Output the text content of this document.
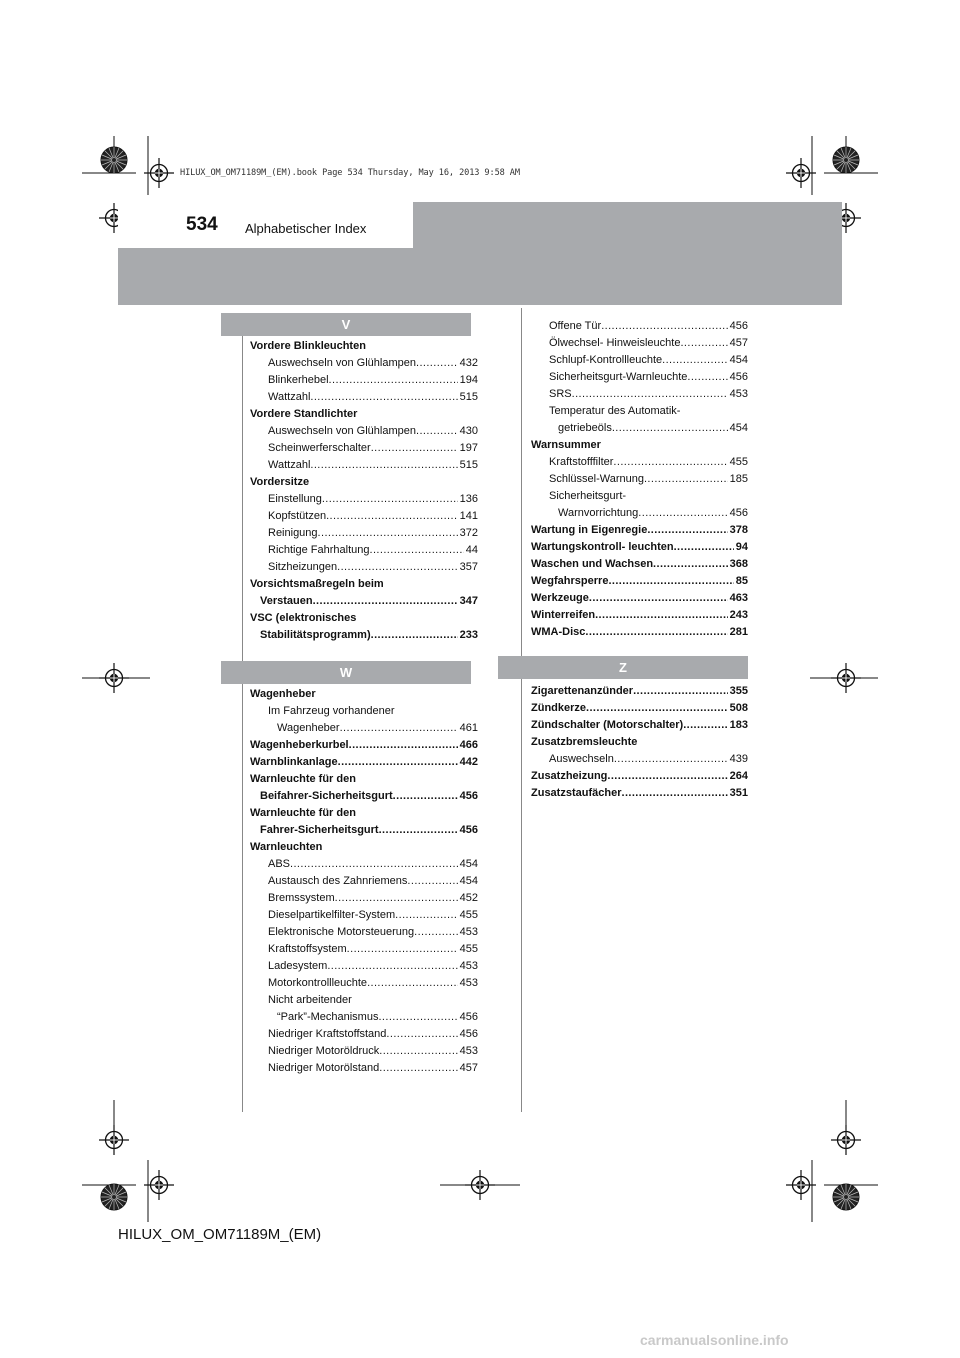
HILUX_OM_OM71189M_(EM).book Page 534 Thursday, May 16, 2013 9:58 AM
534 Alphabetischer Index
V
W	Z
Vordere Blinkleuchten
Auswechseln von Glühlampen .....	432
Blinkerhebel .....	194
Wattzahl .....	515
Vordere Standlichter
Auswechseln von Glühlampen .....	430
Scheinwerferschalter .....	197
Wattzahl .....	515
Vordersitze
Einstellung .....	136
Kopfstützen .....	141
Reinigung .....	372
Richtige Fahrhaltung .....	44
Sitzheizungen .....	357
Vorsichtsmaßregeln beim
Verstauen .....	347
VSC (elektronisches
Stabilitätsprogramm) .....	233
Wagenheber
Im Fahrzeug vorhandener
Wagenheber .....	461
Wagenheberkurbel .....	466
Warnblinkanlage .....	442
Warnleuchte für den
Beifahrer-Sicherheitsgurt .....	456
Warnleuchte für den
Fahrer-Sicherheitsgurt .....	456
Warnleuchten
ABS .....	454
Austausch des Zahnriemens .....	454
Bremssystem .....	452
Dieselpartikelfilter-System .....	455
Elektronische Motorsteuerung .....	453
Kraftstoffsystem .....	455
Ladesystem .....	453
Motorkontrollleuchte .....	453
Nicht arbeitender
“Park”-Mechanismus .....	456
Niedriger Kraftstoffstand .....	456
Niedriger Motoröldruck .....	453
Niedriger Motorölstand .....	457
Offene Tür .....	456
Ölwechsel- Hinweisleuchte .....	457
Schlupf-Kontrollleuchte .....	454
Sicherheitsgurt-Warnleuchte .....	456
SRS .....	453
Temperatur des Automatik-
getriebeöls .....	454
Warnsummer
Kraftstofffilter .....	455
Schlüssel-Warnung .....	185
Sicherheitsgurt-
Warnvorrichtung .....	456
Wartung in Eigenregie .....	378
Wartungskontroll- leuchten .....	94
Waschen und Wachsen .....	368
Wegfahrsperre .....	85
Werkzeuge .....	463
Winterreifen .....	243
WMA-Disc .....	281
Zigarettenanzünder .....	355
Zündkerze .....	508
Zündschalter (Motorschalter) .....	183
Zusatzbremsleuchte
Auswechseln .....	439
Zusatzheizung .....	264
Zusatzstaufächer .....	351
HILUX_OM_OM71189M_(EM)
carmanualsonline.info
